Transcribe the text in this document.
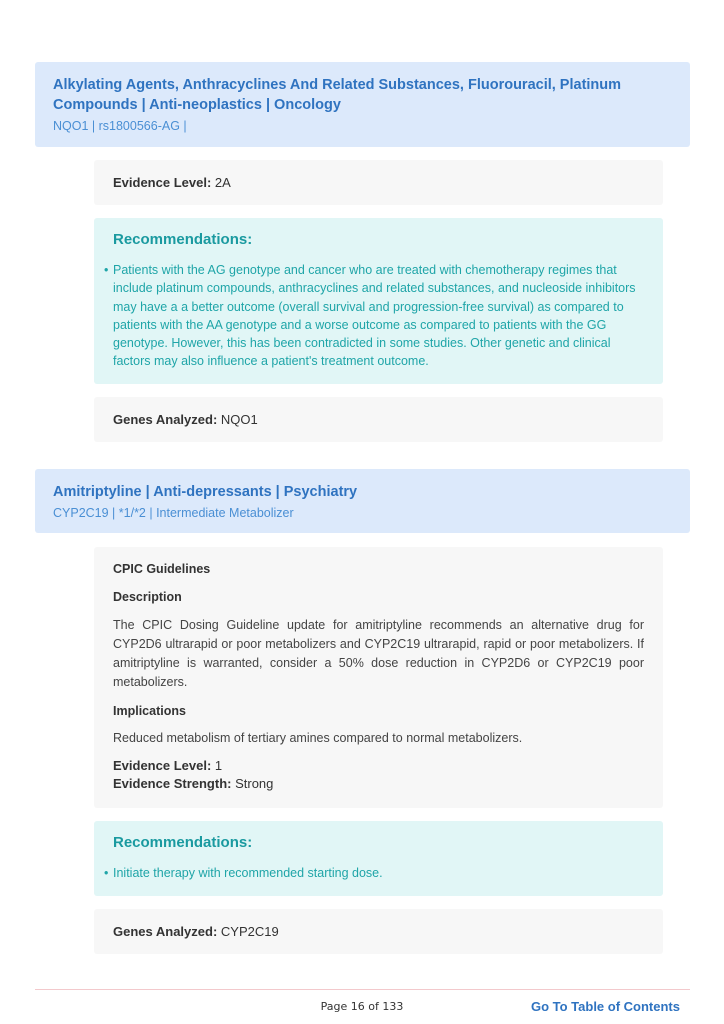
Alkylating Agents, Anthracyclines And Related Substances, Fluorouracil, Platinum Compounds | Anti-neoplastics | Oncology
NQO1 | rs1800566-AG |
Evidence Level: 2A
Recommendations:
• Patients with the AG genotype and cancer who are treated with chemotherapy regimes that include platinum compounds, anthracyclines and related substances, and nucleoside inhibitors may have a a better outcome (overall survival and progression-free survival) as compared to patients with the AA genotype and a worse outcome as compared to patients with the GG genotype. However, this has been contradicted in some studies. Other genetic and clinical factors may also influence a patient's treatment outcome.
Genes Analyzed: NQO1
Amitriptyline | Anti-depressants | Psychiatry
CYP2C19 | *1/*2 | Intermediate Metabolizer
CPIC Guidelines
Description
The CPIC Dosing Guideline update for amitriptyline recommends an alternative drug for CYP2D6 ultrarapid or poor metabolizers and CYP2C19 ultrarapid, rapid or poor metabolizers. If amitriptyline is warranted, consider a 50% dose reduction in CYP2D6 or CYP2C19 poor metabolizers.
Implications
Reduced metabolism of tertiary amines compared to normal metabolizers.
Evidence Level: 1
Evidence Strength: Strong
Recommendations:
• Initiate therapy with recommended starting dose.
Genes Analyzed: CYP2C19
Page 16 of 133	Go To Table of Contents
